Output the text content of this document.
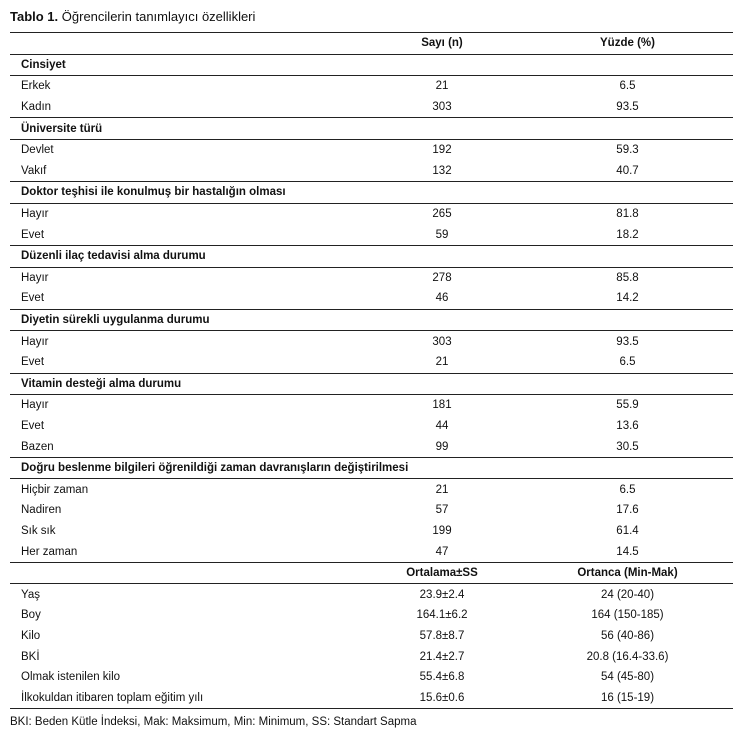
Tablo 1. Öğrencilerin tanımlayıcı özellikleri
	Sayı (n)	Yüzde (%)
Cinsiyet		
Erkek	21	6.5
Kadın	303	93.5
Üniversite türü		
Devlet	192	59.3
Vakıf	132	40.7
Doktor teşhisi ile konulmuş bir hastalığın olması		
Hayır	265	81.8
Evet	59	18.2
Düzenli ilaç tedavisi alma durumu		
Hayır	278	85.8
Evet	46	14.2
Diyetin sürekli uygulanma durumu		
Hayır	303	93.5
Evet	21	6.5
Vitamin desteği alma durumu		
Hayır	181	55.9
Evet	44	13.6
Bazen	99	30.5
Doğru beslenme bilgileri öğrenildiği zaman davranışların değiştirilmesi		
Hiçbir zaman	21	6.5
Nadiren	57	17.6
Sık sık	199	61.4
Her zaman	47	14.5
	Ortalama±SS	Ortanca (Min-Mak)
Yaş	23.9±2.4	24 (20-40)
Boy	164.1±6.2	164 (150-185)
Kilo	57.8±8.7	56 (40-86)
BKİ	21.4±2.7	20.8 (16.4-33.6)
Olmak istenilen kilo	55.4±6.8	54 (45-80)
İlkokuldan itibaren toplam eğitim yılı	15.6±0.6	16 (15-19)
BKI: Beden Kütle İndeksi, Mak: Maksimum, Min: Minimum, SS: Standart Sapma
